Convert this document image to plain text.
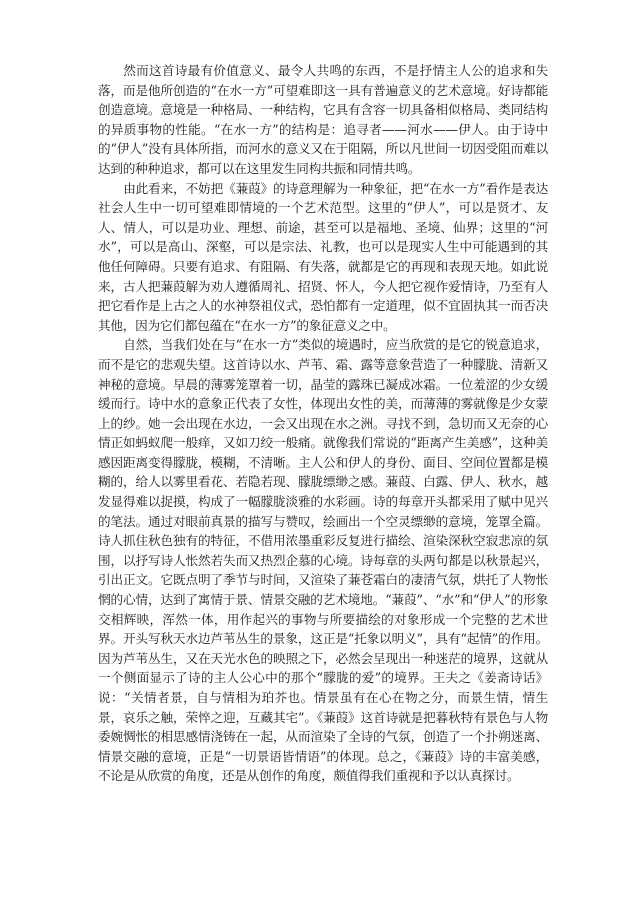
然而这首诗最有价值意义、最令人共鸣的东西，不是抒情主人公的追求和失落，而是他所创造的“在水一方”可望难即这一具有普遍意义的艺术意境。好诗都能创造意境。意境是一种格局、一种结构，它具有含容一切具备相似格局、类同结构的异质事物的性能。“在水一方”的结构是：追寻者——河水——伊人。由于诗中的“伊人”没有具体所指，而河水的意义又在于阻隔，所以凡世间一切因受阻而难以达到的种种追求，都可以在这里发生同构共振和同情共鸣。

由此看来，不妨把《蒹葭》的诗意理解为一种象征，把“在水一方”看作是表达社会人生中一切可望难即情境的一个艺术范型。这里的“伊人”，可以是贤才、友人、情人，可以是功业、理想、前途，甚至可以是福地、圣境、仙界；这里的“河水”，可以是高山、深壑，可以是宗法、礼教，也可以是现实人生中可能遇到的其他任何障碍。只要有追求、有阻隔、有失落，就都是它的再现和表现天地。如此说来，古人把蒹葭解为劝人遵循周礼、招贤、怀人，今人把它视作爱情诗，乃至有人把它看作是上古之人的水神祭祖仪式，恐怕都有一定道理，似不宜固执其一而否决其他，因为它们都包蕴在“在水一方”的象征意义之中。

自然，当我们处在与“在水一方”类似的境遇时，应当欣赏的是它的锐意追求，而不是它的悲观失望。这首诗以水、芦苇、霜、露等意象营造了一种朦胧、清新又神秘的意境。早晨的薄雾笼罩着一切，晶莹的露珠已凝成冰霜。一位羞涩的少女缓缓而行。诗中水的意象正代表了女性，体现出女性的美，而薄薄的雾就像是少女蒙上的纱。她一会出现在水边，一会又出现在水之洲。寻找不到，急切而又无奈的心情正如蚂蚁爬一般痒，又如刀绞一般痛。就像我们常说的“距离产生美感”，这种美感因距离变得朦胧，模糊，不清晰。主人公和伊人的身份、面目、空间位置都是模糊的，给人以雾里看花、若隐若现、朦胧缥缈之感。蒹葭、白露、伊人、秋水，越发显得难以捉摸，构成了一幅朦胧淡雅的水彩画。诗的每章开头都采用了赋中见兴的笔法。通过对眼前真景的描写与赞叹，绘画出一个空灵缥缈的意境，笼罩全篇。诗人抓住秋色独有的特征，不借用浓墨重彩反复进行描绘、渲染深秋空寂悲凉的氛围，以抒写诗人怅然若失而又热烈企慕的心境。诗每章的头两句都是以秋景起兴，引出正文。它既点明了季节与时间，又渲染了蒹苍霜白的凄清气氛，烘托了人物怅惘的心情，达到了寓情于景、情景交融的艺术境地。“蒹葭”、“水”和“伊人”的形象交相辉映，浑然一体，用作起兴的事物与所要描绘的对象形成一个完整的艺术世界。开头写秋天水边芦苇丛生的景象，这正是“托象以明义”，具有“起情”的作用。因为芦苇丛生，又在天光水色的映照之下，必然会呈现出一种迷茫的境界，这就从一个侧面显示了诗的主人公心中的那个“朦胧的爱”的境界。王夫之《姜斋诗话》说：“关情者景，自与情相为珀芥也。情景虽有在心在物之分，而景生情，情生景，哀乐之触，荣悴之迎，互藏其宅”。《蒹葭》这首诗就是把暮秋特有景色与人物委婉惆怅的相思感情浇铸在一起，从而渲染了全诗的气氛，创造了一个扑朔迷离、情景交融的意境，正是“一切景语皆情语”的体现。总之，《蒹葭》诗的丰富美感，不论是从欣赏的角度，还是从创作的角度，颇值得我们重视和予以认真探讨。
